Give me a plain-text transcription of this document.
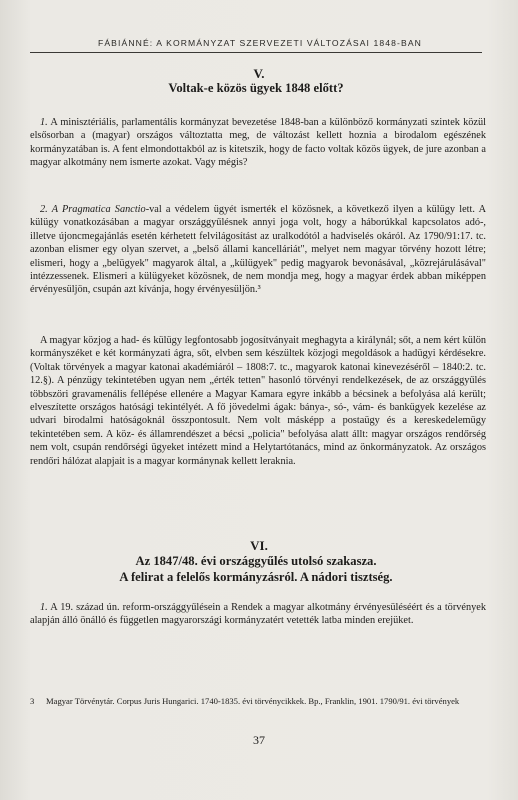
FÁBIÁNNÉ: A KORMÁNYZAT SZERVEZETI VÁLTOZÁSAI 1848-BAN
V.
Voltak-e közös ügyek 1848 előtt?
1. A minisztériális, parlamentális kormányzat bevezetése 1848-ban a különböző kormányzati szintek közül elsősorban a (magyar) országos változtatta meg, de változást kellett hoznia a birodalom egészének kormányzatában is. A fent elmondottakból az is kitetszik, hogy de facto voltak közös ügyek, de jure azonban a magyar alkotmány nem ismerte azokat. Vagy mégis?
2. A Pragmatica Sanctio-val a védelem ügyét ismerték el közösnek, a következő ilyen a külügy lett. A külügy vonatkozásában a magyar országgyűlésnek annyi joga volt, hogy a háborúkkal kapcsolatos adó-, illetve újoncmegajánlás esetén kérhetett felvilágosítást az uralkodótól a hadviselés okáról. Az 1790/91:17. tc. azonban elismer egy olyan szervet, a „belső állami kancelláriát", melyet nem magyar törvény hozott létre; elismeri, hogy a „belügyek" magyarok által, a „külügyek" pedig magyarok bevonásával, „közrejárulásával" intézzessenek. Elismeri a külügyeket közösnek, de nem mondja meg, hogy a magyar érdek abban miképpen érvényesüljön, csupán azt kívánja, hogy érvényesüljön.³
A magyar közjog a had- és külügy legfontosabb jogosítványait meghagyta a királynál; sőt, a nem kért külön kormányszéket e két kormányzati ágra, sőt, elvben sem készültek közjogi megoldások a hadügyi kérdésekre. (Voltak törvények a magyar katonai akadémiáról – 1808:7. tc., magyarok katonai kinevezéséről – 1840:2. tc. 12.§). A pénzügy tekintetében ugyan nem „érték tetten" hasonló törvényi rendelkezések, de az országgyűlés többszöri gravamenális fellépése ellenére a Magyar Kamara egyre inkább a bécsinek a befolyása alá került; elveszítette országos hatósági tekintélyét. A fő jövedelmi ágak: bánya-, só-, vám- és bankügyek kezelése az udvari birodalmi hatóságoknál összpontosult. Nem volt másképp a postaügy és a kereskedelemügy tekintetében sem. A köz- és államrendészet a bécsi „policia" befolyása alatt állt: magyar országos rendőrség nem volt, csupán rendőrségi ügyeket intézett mind a Helytartótanács, mind az önkormányzatok. Az országos rendőri hálózat alapjait is a magyar kormánynak kellett leraknia.
VI.
Az 1847/48. évi országgyűlés utolsó szakasza.
A felirat a felelős kormányzásról. A nádori tisztség.
1. A 19. század ún. reform-országgyűlésein a Rendek a magyar alkotmány érvényesüléséért és a törvények alapján álló önálló és független magyarországi kormányzatért vetették latba minden erejüket.
3 Magyar Törvénytár. Corpus Juris Hungarici. 1740-1835. évi törvénycikkek. Bp., Franklin, 1901. 1790/91. évi törvények
37
